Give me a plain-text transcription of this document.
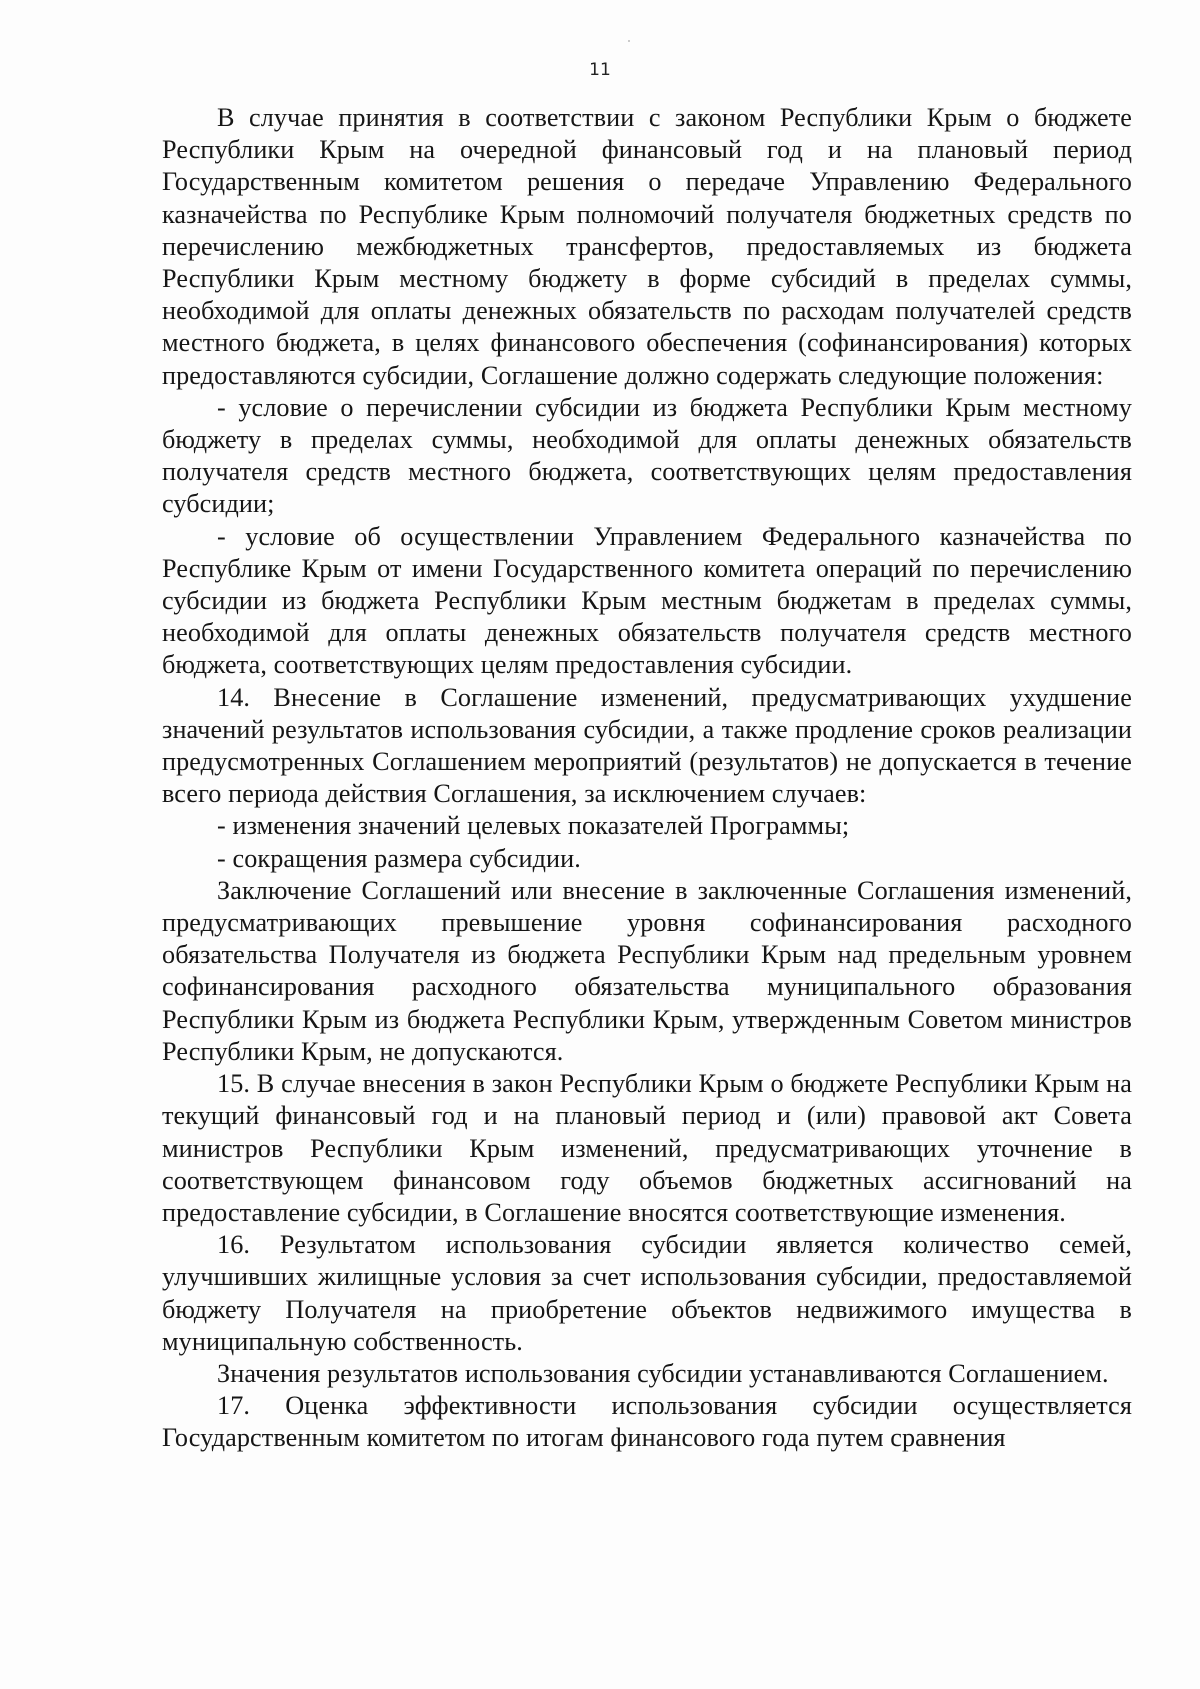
11

В случае принятия в соответствии с законом Республики Крым о бюджете Республики Крым на очередной финансовый год и на плановый период Государственным комитетом решения о передаче Управлению Федерального казначейства по Республике Крым полномочий получателя бюджетных средств по перечислению межбюджетных трансфертов, предоставляемых из бюджета Республики Крым местному бюджету в форме субсидий в пределах суммы, необходимой для оплаты денежных обязательств по расходам получателей средств местного бюджета, в целях финансового обеспечения (софинансирования) которых предоставляются субсидии, Соглашение должно содержать следующие положения:

- условие о перечислении субсидии из бюджета Республики Крым местному бюджету в пределах суммы, необходимой для оплаты денежных обязательств получателя средств местного бюджета, соответствующих целям предоставления субсидии;

- условие об осуществлении Управлением Федерального казначейства по Республике Крым от имени Государственного комитета операций по перечислению субсидии из бюджета Республики Крым местным бюджетам в пределах суммы, необходимой для оплаты денежных обязательств получателя средств местного бюджета, соответствующих целям предоставления субсидии.

14. Внесение в Соглашение изменений, предусматривающих ухудшение значений результатов использования субсидии, а также продление сроков реализации предусмотренных Соглашением мероприятий (результатов) не допускается в течение всего периода действия Соглашения, за исключением случаев:

- изменения значений целевых показателей Программы;

- сокращения размера субсидии.

Заключение Соглашений или внесение в заключенные Соглашения изменений, предусматривающих превышение уровня софинансирования расходного обязательства Получателя из бюджета Республики Крым над предельным уровнем софинансирования расходного обязательства муниципального образования Республики Крым из бюджета Республики Крым, утвержденным Советом министров Республики Крым, не допускаются.

15. В случае внесения в закон Республики Крым о бюджете Республики Крым на текущий финансовый год и на плановый период и (или) правовой акт Совета министров Республики Крым изменений, предусматривающих уточнение в соответствующем финансовом году объемов бюджетных ассигнований на предоставление субсидии, в Соглашение вносятся соответствующие изменения.

16. Результатом использования субсидии является количество семей, улучшивших жилищные условия за счет использования субсидии, предоставляемой бюджету Получателя на приобретение объектов недвижимого имущества в муниципальную собственность.

Значения результатов использования субсидии устанавливаются Соглашением.

17. Оценка эффективности использования субсидии осуществляется Государственным комитетом по итогам финансового года путем сравнения
